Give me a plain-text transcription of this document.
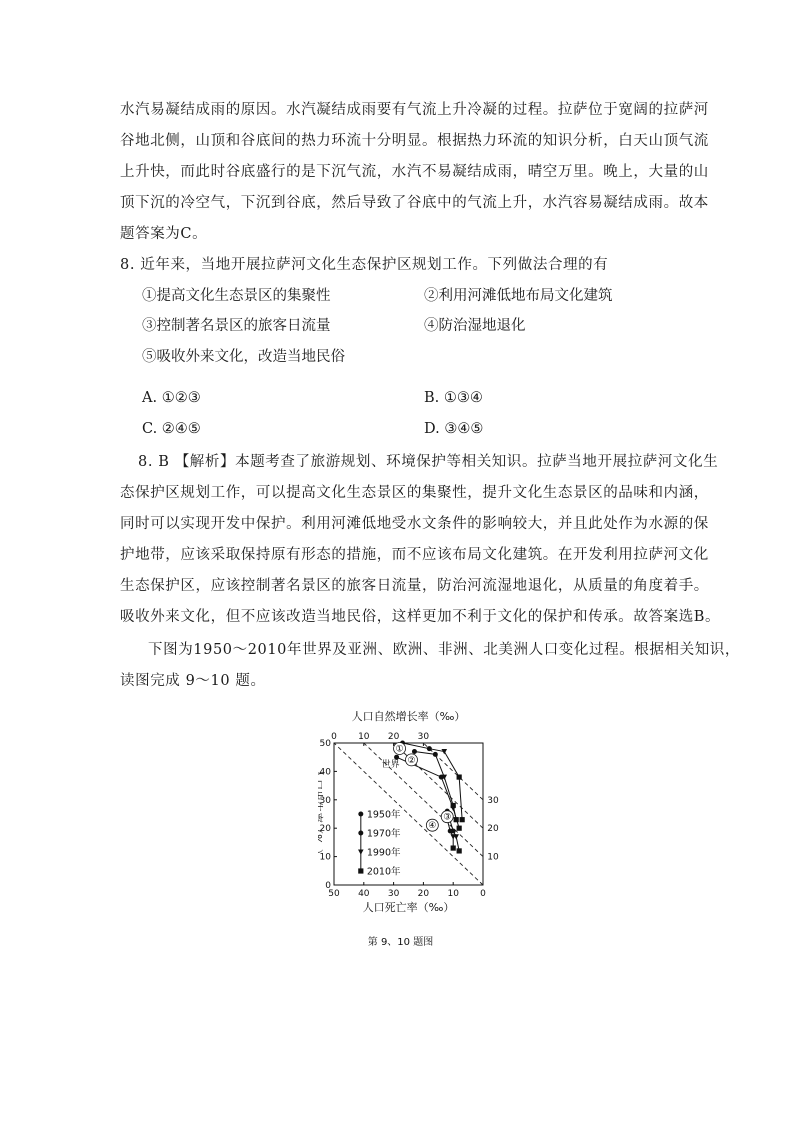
水汽易凝结成雨的原因。水汽凝结成雨要有气流上升冷凝的过程。拉萨位于宽阔的拉萨河
谷地北侧，山顶和谷底间的热力环流十分明显。根据热力环流的知识分析，白天山顶气流
上升快，而此时谷底盛行的是下沉气流，水汽不易凝结成雨，晴空万里。晚上，大量的山
顶下沉的冷空气，下沉到谷底，然后导致了谷底中的气流上升，水汽容易凝结成雨。故本
题答案为C。
8. 近年来，当地开展拉萨河文化生态保护区规划工作。下列做法合理的有
①提高文化生态景区的集聚性	②利用河滩低地布局文化建筑
③控制著名景区的旅客日流量	④防治湿地退化
⑤吸收外来文化，改造当地民俗
A. ①②③	B. ①③④
C. ②④⑤	D. ③④⑤
8. B 【解析】本题考查了旅游规划、环境保护等相关知识。拉萨当地开展拉萨河文化生
态保护区规划工作，可以提高文化生态景区的集聚性，提升文化生态景区的品味和内涵，
同时可以实现开发中保护。利用河滩低地受水文条件的影响较大，并且此处作为水源的保
护地带，应该采取保持原有形态的措施，而不应该布局文化建筑。在开发利用拉萨河文化
生态保护区，应该控制著名景区的旅客日流量，防治河流湿地退化，从质量的角度着手。
吸收外来文化，但不应该改造当地民俗，这样更加不利于文化的保护和传承。故答案选B。
下图为1950～2010年世界及亚洲、欧洲、非洲、北美洲人口变化过程。根据相关知识，
读图完成 9～10 题。
人口自然增长率（‰）
50 40 30 20 10 0
0 10 20 30
50
40
30
20
10
0
30
20
10
①
②
世界
③
④
1950年
1970年
1990年
2010年
人口死亡率（‰）
人口出生率（‰）
第 9、10 题图
